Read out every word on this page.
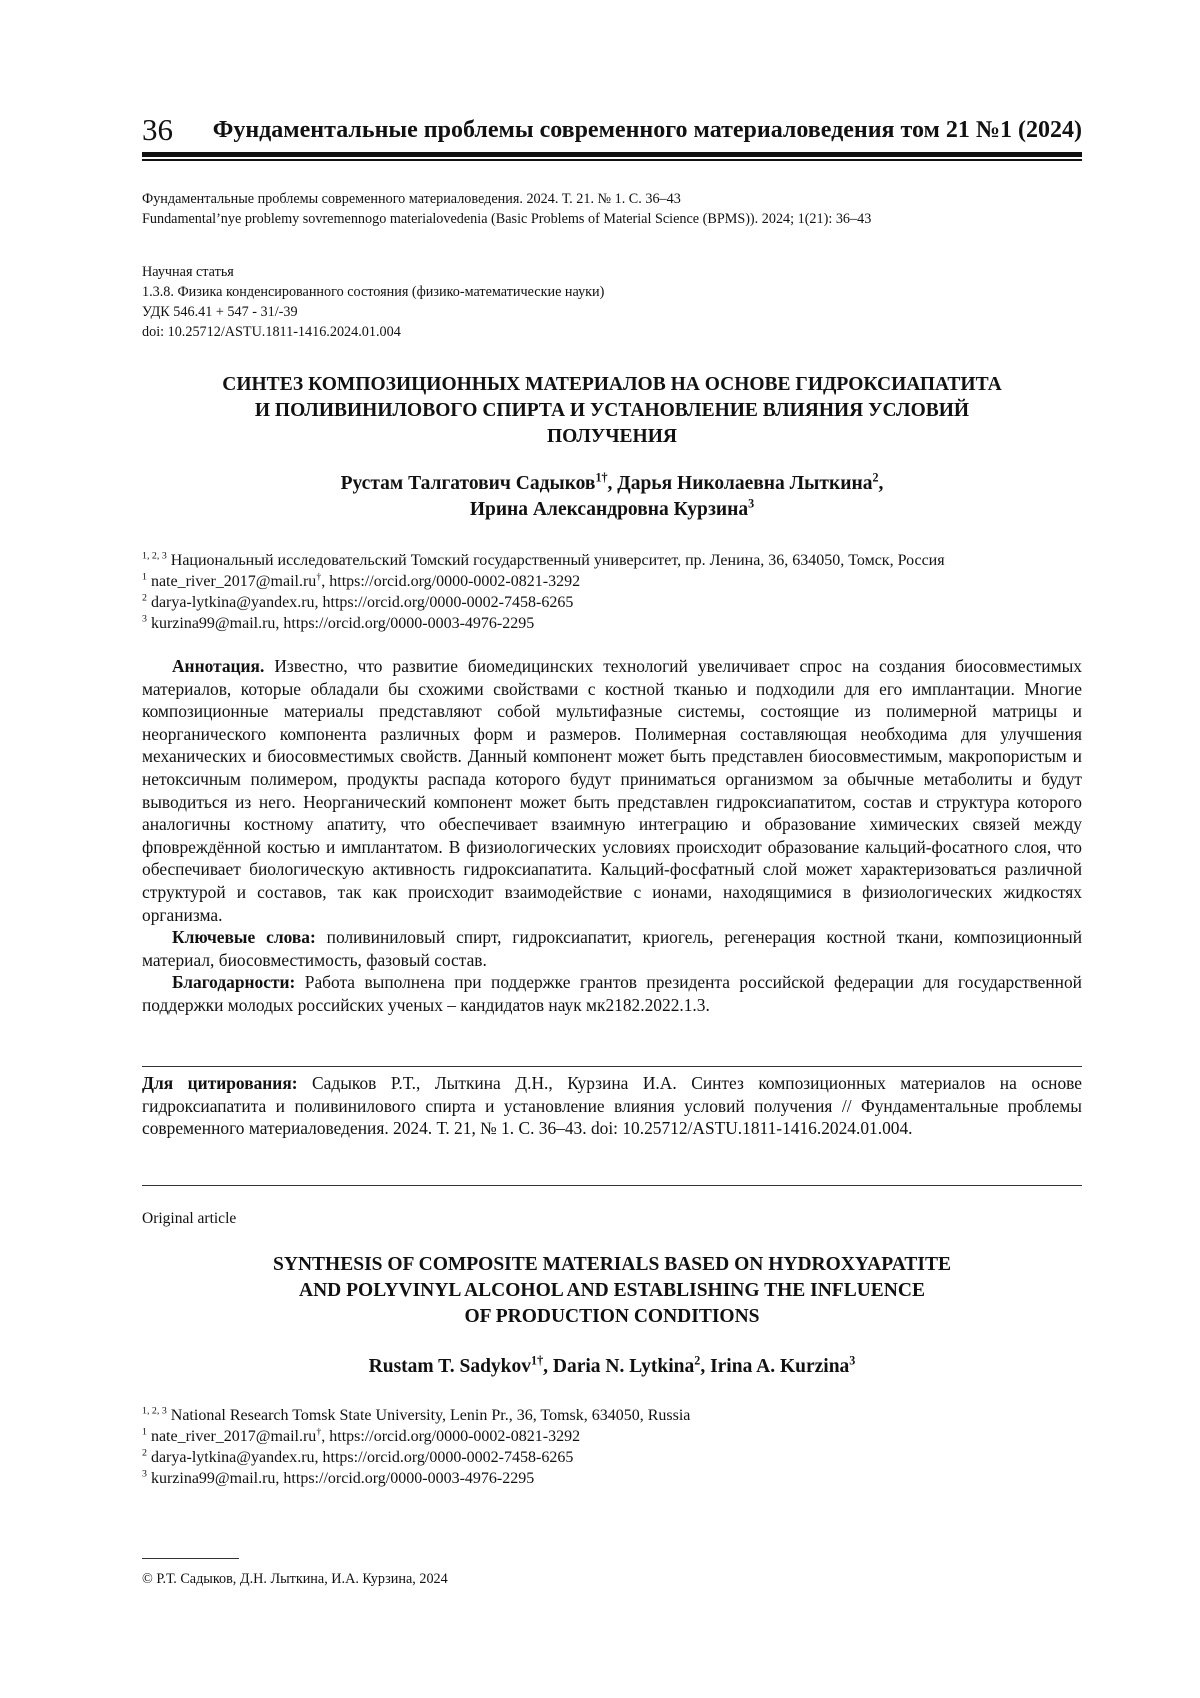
36 Фундаментальные проблемы современного материаловедения том 21 №1 (2024)
Фундаментальные проблемы современного материаловедения. 2024. Т. 21. № 1. С. 36–43
Fundamental’nye problemy sovremennogo materialovedenia (Basic Problems of Material Science (BPMS)). 2024; 1(21): 36–43
Научная статья
1.3.8. Физика конденсированного состояния (физико-математические науки)
УДК 546.41 + 547 - 31/-39
doi: 10.25712/ASTU.1811-1416.2024.01.004
СИНТЕЗ КОМПОЗИЦИОННЫХ МАТЕРИАЛОВ НА ОСНОВЕ ГИДРОКСИАПАТИТА
И ПОЛИВИНИЛОВОГО СПИРТА И УСТАНОВЛЕНИЕ ВЛИЯНИЯ УСЛОВИЙ
ПОЛУЧЕНИЯ
Рустам Талгатович Садыков$^{1\dagger}$, Дарья Николаевна Лыткина$^2$,
Ирина Александровна Курзина$^3$
$^{1, 2, 3}$ Национальный исследовательский Томский государственный университет, пр. Ленина, 36, 634050, Томск, Россия
$^1$ nate_river_2017@mail.ru†, https://orcid.org/0000-0002-0821-3292
$^2$ darya-lytkina@yandex.ru, https://orcid.org/0000-0002-7458-6265
$^3$ kurzina99@mail.ru, https://orcid.org/0000-0003-4976-2295

Аннотация. Известно, что развитие биомедицинских технологий увеличивает спрос на создания биосовместимых материалов, которые обладали бы схожими свойствами с костной тканью и подходили для его имплантации. Многие композиционные материалы представляют собой мультифазные системы, состоящие из полимерной матрицы и неорганического компонента различных форм и размеров. Полимерная составляющая необходима для улучшения механических и биосовместимых свойств. Данный компонент может быть представлен биосовместимым, макропористым и нетоксичным полимером, продукты распада которого будут приниматься организмом за обычные метаболиты и будут выводиться из него. Неорганический компонент может быть представлен гидроксиапатитом, состав и структура которого аналогичны костному апатиту, что обеспечивает взаимную интеграцию и образование химических связей между фповреждённой костью и имплантатом. В физиологических условиях происходит образование кальций-фосатного слоя, что обеспечивает биологическую активность гидроксиапатита. Кальций-фосфатный слой может характеризоваться различной структурой и составов, так как происходит взаимодействие с ионами, находящимися в физиологических жидкостях организма.

Ключевые слова: поливиниловый спирт, гидроксиапатит, криогель, регенерация костной ткани, композиционный материал, биосовместимость, фазовый состав.

Благодарности: Работа выполнена при поддержке грантов президента российской федерации для государственной поддержки молодых российских ученых – кандидатов наук мк2182.2022.1.3.

Для цитирования: Садыков Р.Т., Лыткина Д.Н., Курзина И.А. Синтез композиционных материалов на основе гидроксиапатита и поливинилового спирта и установление влияния условий получения // Фундаментальные проблемы современного материаловедения. 2024. Т. 21, № 1. С. 36–43. doi: 10.25712/ASTU.1811-1416.2024.01.004.
Original article
SYNTHESIS OF COMPOSITE MATERIALS BASED ON HYDROXYAPATITE
AND POLYVINYL ALCOHOL AND ESTABLISHING THE INFLUENCE
OF PRODUCTION CONDITIONS
Rustam T. Sadykov$^{1\dagger}$, Daria N. Lytkina$^2$, Irina A. Kurzina$^3$
$^{1, 2, 3}$ National Research Tomsk State University, Lenin Pr., 36, Tomsk, 634050, Russia
$^1$ nate_river_2017@mail.ru†, https://orcid.org/0000-0002-0821-3292
$^2$ darya-lytkina@yandex.ru, https://orcid.org/0000-0002-7458-6265
$^3$ kurzina99@mail.ru, https://orcid.org/0000-0003-4976-2295
© Р.Т. Садыков, Д.Н. Лыткина, И.А. Курзина, 2024
